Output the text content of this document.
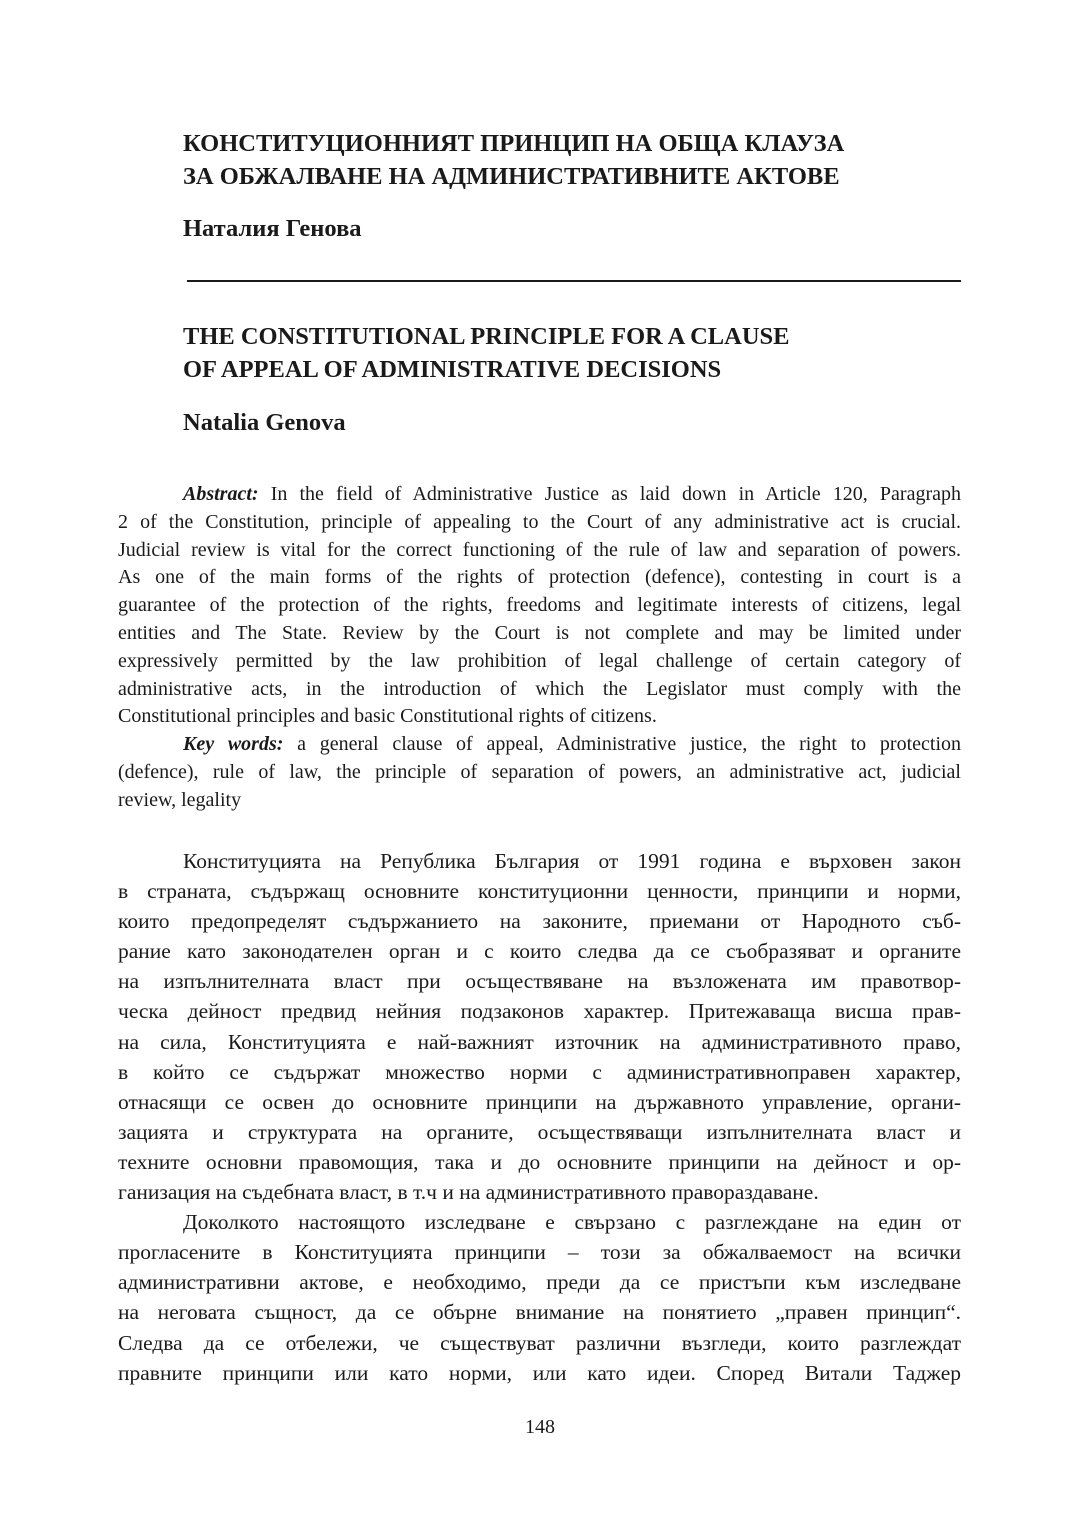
КОНСТИТУЦИОННИЯТ ПРИНЦИП НА ОБЩА КЛАУЗА
ЗА ОБЖАЛВАНЕ НА АДМИНИСТРАТИВНИТЕ АКТОВЕ

Наталия Генова

THE CONSTITUTIONAL PRINCIPLE FOR A CLAUSE
OF APPEAL OF ADMINISTRATIVE DECISIONS

Natalia Genova

Abstract: In the field of Administrative Justice as laid down in Article 120, Paragraph
2 of the Constitution, principle of appealing to the Court of any administrative act is crucial.
Judicial review is vital for the correct functioning of the rule of law and separation of powers.
As one of the main forms of the rights of protection (defence), contesting in court is a
guarantee of the protection of the rights, freedoms and legitimate interests of citizens, legal
entities and The State. Review by the Court is not complete and may be limited under
expressively permitted by the law prohibition of legal challenge of certain category of
administrative acts, in the introduction of which the Legislator must comply with the
Constitutional principles and basic Constitutional rights of citizens.
Key words: a general clause of appeal, Administrative justice, the right to protection
(defence), rule of law, the principle of separation of powers, an administrative act, judicial
review, legality
Конституцията на Република България от 1991 година е върховен закон
в страната, съдържащ основните конституционни ценности, принципи и норми,
които предопределят съдържанието на законите, приемани от Народното съб-
рание като законодателен орган и с които следва да се съобразяват и органите
на изпълнителната власт при осъществяване на възложената им правотвор-
ческа дейност предвид нейния подзаконов характер. Притежаваща висша прав-
на сила, Конституцията е най-важният източник на административното право,
в който се съдържат множество норми с административноправен характер,
отнасящи се освен до основните принципи на държавното управление, органи-
зацията и структурата на органите, осъществяващи изпълнителната власт и
техните основни правомощия, така и до основните принципи на дейност и ор-
ганизация на съдебната власт, в т.ч и на административното правораздаване.
Доколкото настоящото изследване е свързано с разглеждане на един от
прогласените в Конституцията принципи – този за обжалваемост на всички
административни актове, е необходимо, преди да се пристъпи към изследване
на неговата същност, да се обърне внимание на понятието „правен принцип“.
Следва да се отбележи, че съществуват различни възгледи, които разглеждат
правните принципи или като норми, или като идеи. Според Витали Таджер

148
